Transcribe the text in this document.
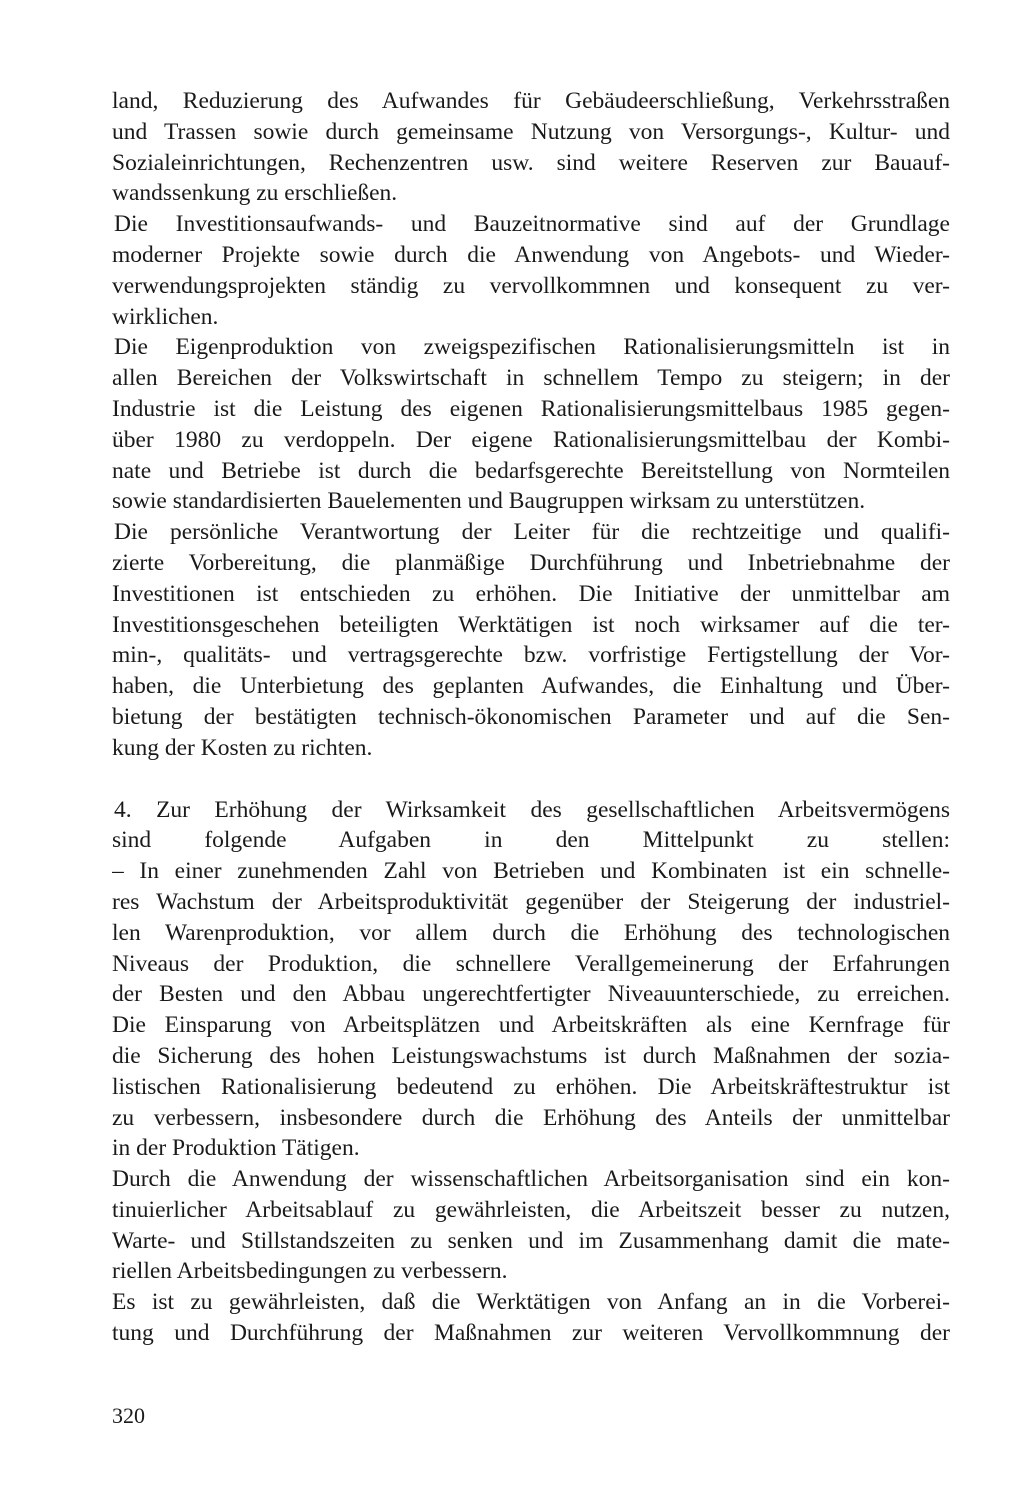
land, Reduzierung des Aufwandes für Gebäudeerschließung, Verkehrsstraßen
und Trassen sowie durch gemeinsame Nutzung von Versorgungs-, Kultur- und
Sozialeinrichtungen, Rechenzentren usw. sind weitere Reserven zur Bauauf-
wandssenkung zu erschließen.
Die Investitionsaufwands- und Bauzeitnormative sind auf der Grundlage
moderner Projekte sowie durch die Anwendung von Angebots- und Wieder-
verwendungsprojekten ständig zu vervollkommnen und konsequent zu ver-
wirklichen.
Die Eigenproduktion von zweigspezifischen Rationalisierungsmitteln ist in
allen Bereichen der Volkswirtschaft in schnellem Tempo zu steigern; in der
Industrie ist die Leistung des eigenen Rationalisierungsmittelbaus 1985 gegen-
über 1980 zu verdoppeln. Der eigene Rationalisierungsmittelbau der Kombi-
nate und Betriebe ist durch die bedarfsgerechte Bereitstellung von Normteilen
sowie standardisierten Bauelementen und Baugruppen wirksam zu unterstützen.
Die persönliche Verantwortung der Leiter für die rechtzeitige und qualifi-
zierte Vorbereitung, die planmäßige Durchführung und Inbetriebnahme der
Investitionen ist entschieden zu erhöhen. Die Initiative der unmittelbar am
Investitionsgeschehen beteiligten Werktätigen ist noch wirksamer auf die ter-
min-, qualitäts- und vertragsgerechte bzw. vorfristige Fertigstellung der Vor-
haben, die Unterbietung des geplanten Aufwandes, die Einhaltung und Über-
bietung der bestätigten technisch-ökonomischen Parameter und auf die Sen-
kung der Kosten zu richten.
4. Zur Erhöhung der Wirksamkeit des gesellschaftlichen Arbeitsvermögens
sind folgende Aufgaben in den Mittelpunkt zu stellen:
– In einer zunehmenden Zahl von Betrieben und Kombinaten ist ein schnelle-
res Wachstum der Arbeitsproduktivität gegenüber der Steigerung der industriel-
len Warenproduktion, vor allem durch die Erhöhung des technologischen
Niveaus der Produktion, die schnellere Verallgemeinerung der Erfahrungen
der Besten und den Abbau ungerechtfertigter Niveauunterschiede, zu erreichen.
Die Einsparung von Arbeitsplätzen und Arbeitskräften als eine Kernfrage für
die Sicherung des hohen Leistungswachstums ist durch Maßnahmen der sozia-
listischen Rationalisierung bedeutend zu erhöhen. Die Arbeitskräftestruktur ist
zu verbessern, insbesondere durch die Erhöhung des Anteils der unmittelbar
in der Produktion Tätigen.
Durch die Anwendung der wissenschaftlichen Arbeitsorganisation sind ein kon-
tinuierlicher Arbeitsablauf zu gewährleisten, die Arbeitszeit besser zu nutzen,
Warte- und Stillstandszeiten zu senken und im Zusammenhang damit die mate-
riellen Arbeitsbedingungen zu verbessern.
Es ist zu gewährleisten, daß die Werktätigen von Anfang an in die Vorberei-
tung und Durchführung der Maßnahmen zur weiteren Vervollkommnung der
320
